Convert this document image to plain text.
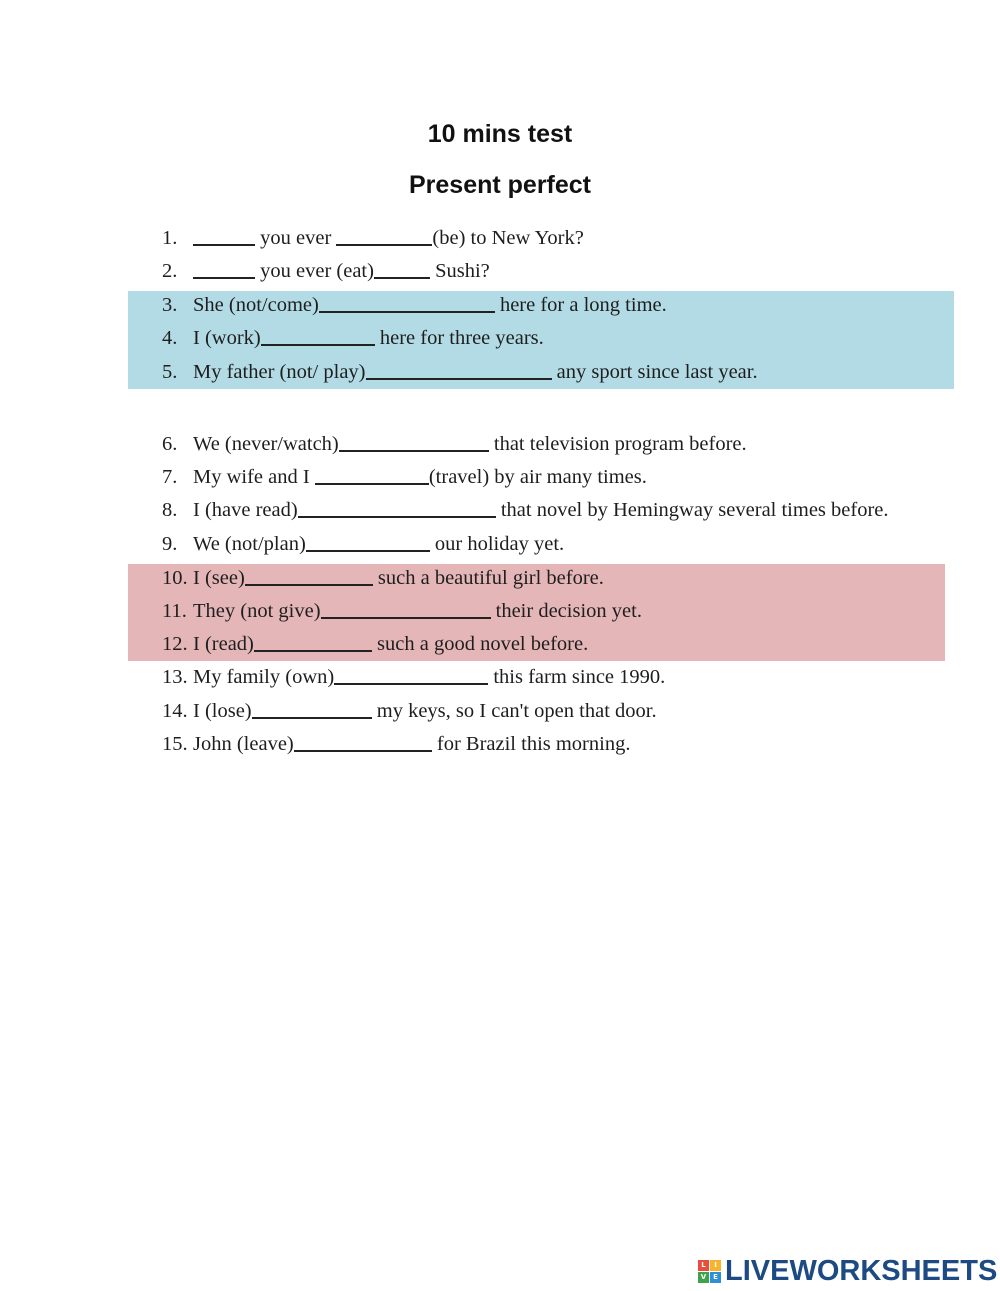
10 mins test
Present perfect
1.	you ever	(be) to New York?
2.	you ever (eat)	Sushi?
3. She (not/come)	here for a long time.
4. I (work)	here for three years.
5. My father (not/ play)	any sport since last year.
6. We (never/watch)	that television program before.
7. My wife and I	(travel) by air many times.
8. I (have read)	that novel by Hemingway several times before.
9. We (not/plan)	our holiday yet.
10. I (see)	such a beautiful girl before.
11. They (not give)	their decision yet.
12. I (read)	such a good novel before.
13. My family (own)	this farm since 1990.
14. I (lose)	my keys, so I can't open that door.
15. John (leave)	for Brazil this morning.
L	I
V E LIVEWORKSHEETS
